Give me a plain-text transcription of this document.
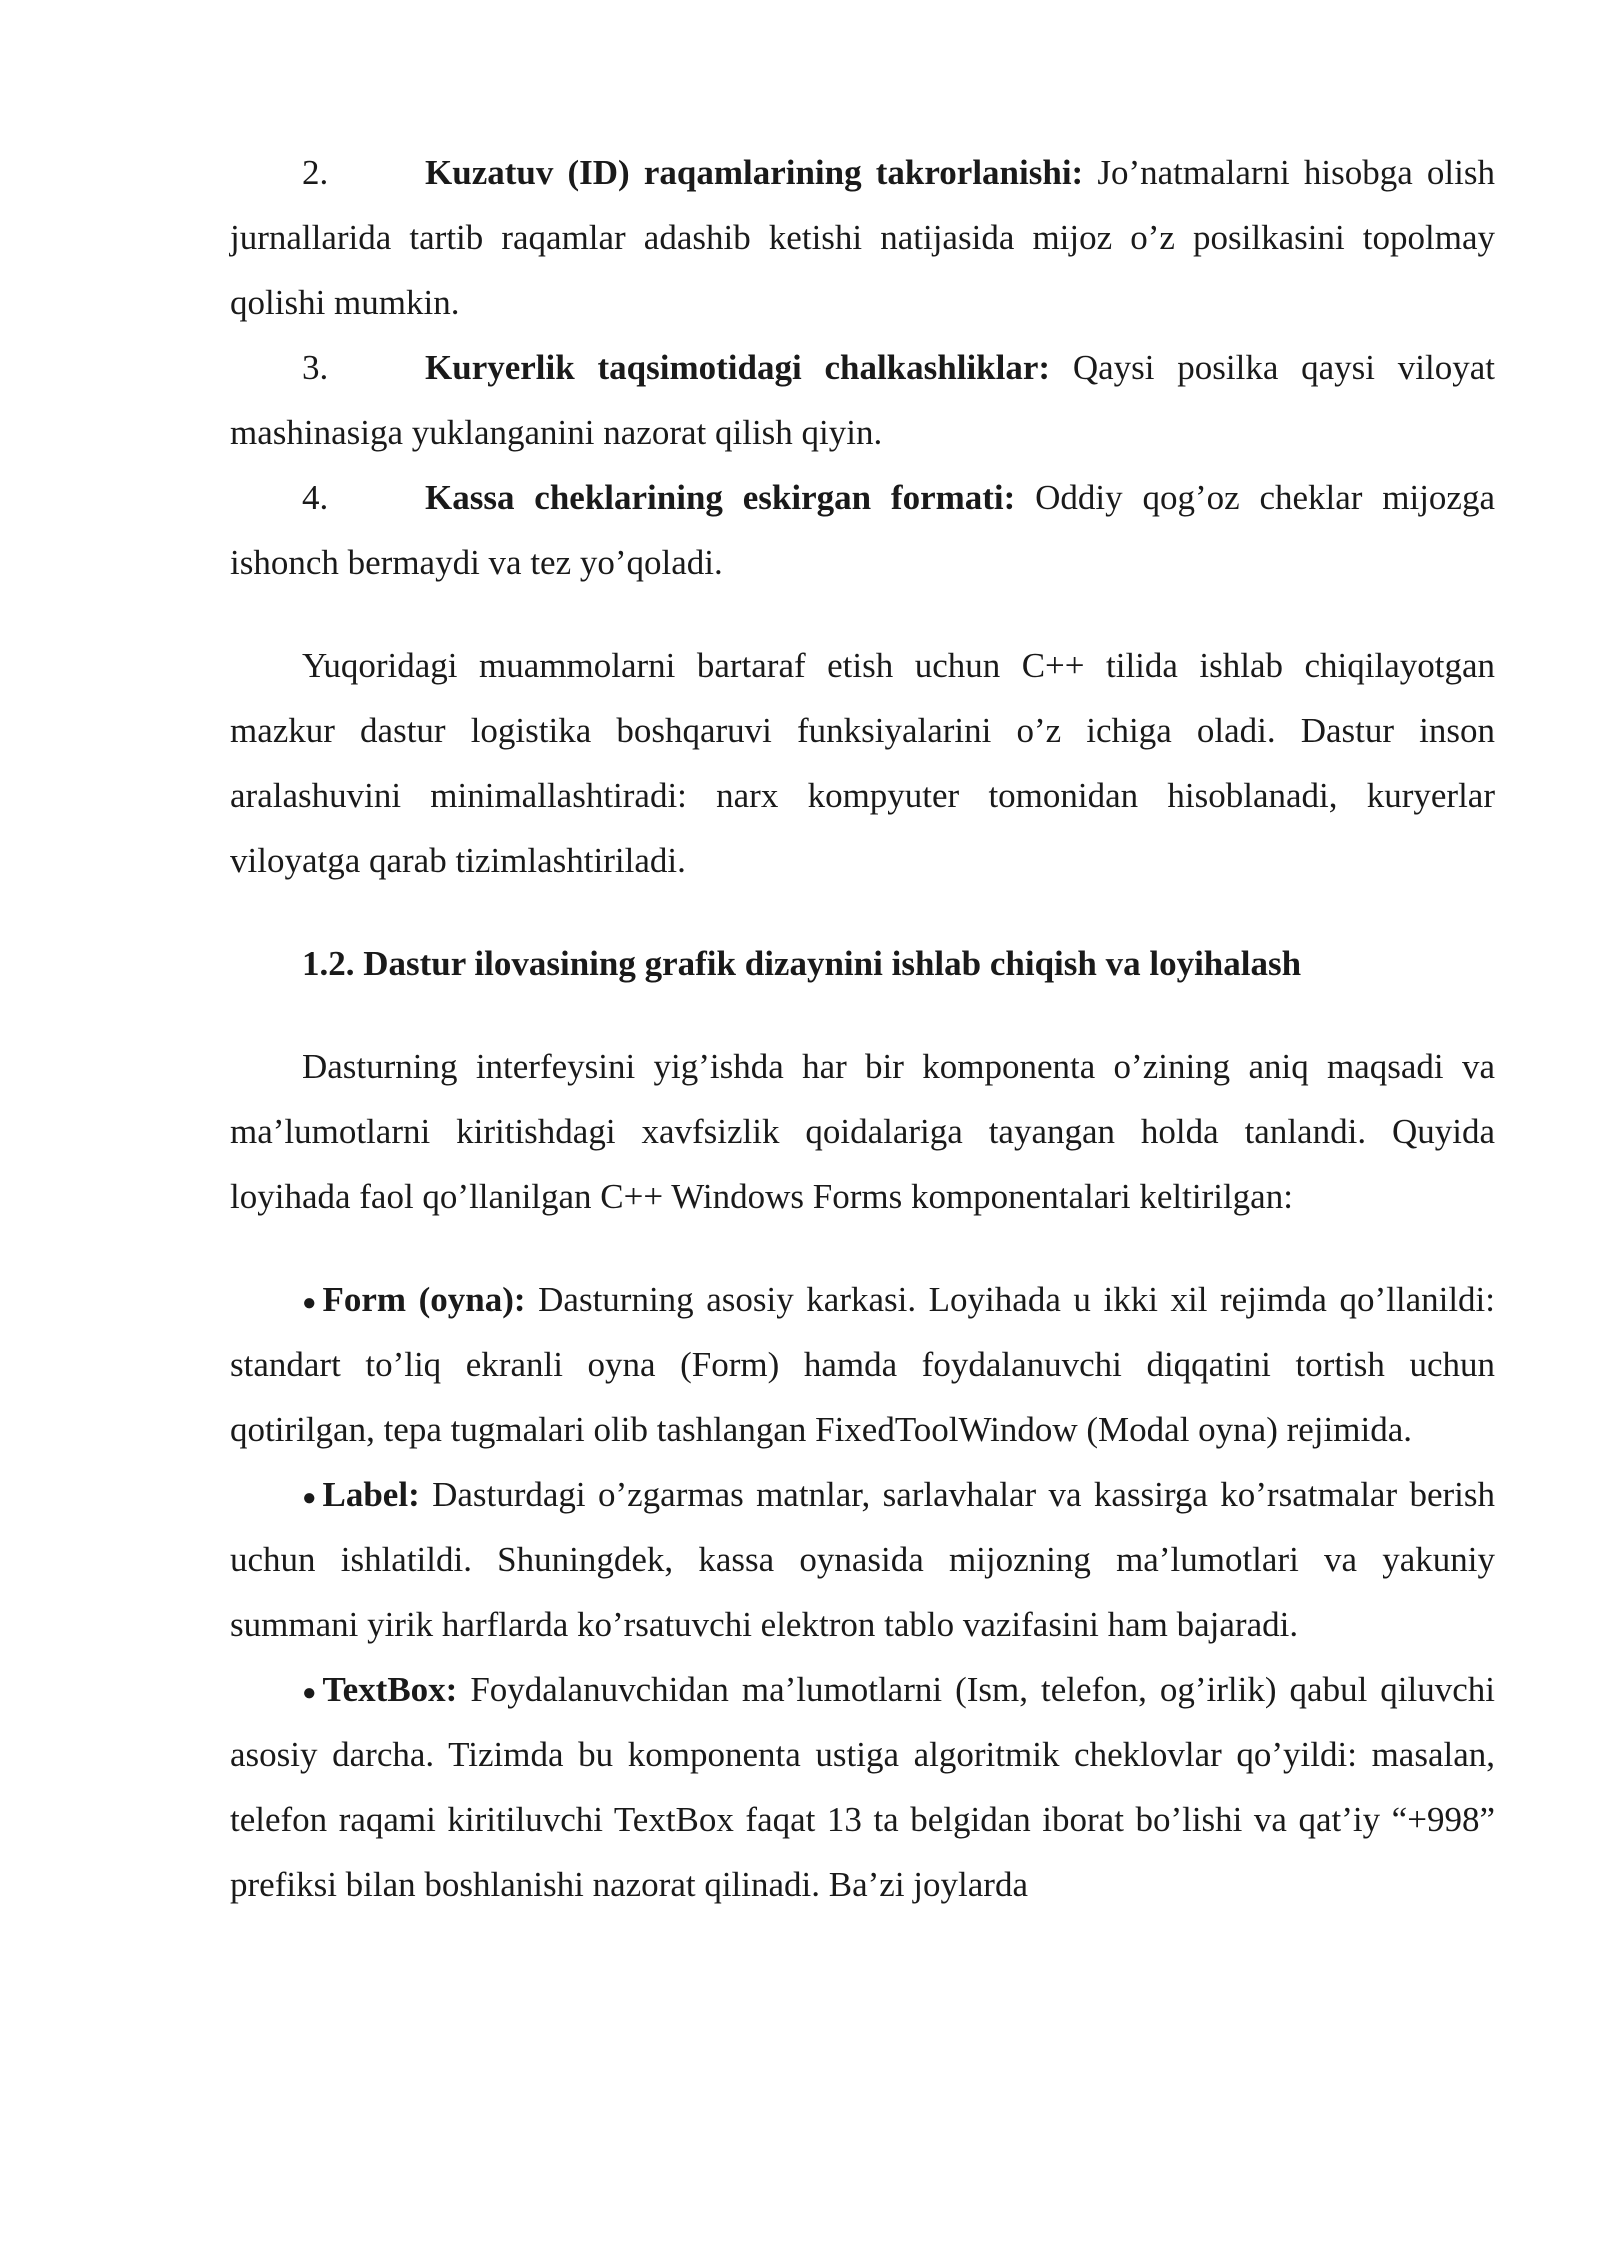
2.	Kuzatuv (ID) raqamlarining takrorlanishi: Jo’natmalarni hisobga olish jurnallarida tartib raqamlar adashib ketishi natijasida mijoz o’z posilkasini topolmay qolishi mumkin.

3.	Kuryerlik taqsimotidagi chalkashliklar: Qaysi posilka qaysi viloyat mashinasiga yuklanganini nazorat qilish qiyin.

4.	Kassa cheklarining eskirgan formati: Oddiy qog’oz cheklar mijozga ishonch bermaydi va tez yo’qoladi.

Yuqoridagi muammolarni bartaraf etish uchun C++ tilida ishlab chiqilayotgan mazkur dastur logistika boshqaruvi funksiyalarini o’z ichiga oladi. Dastur inson aralashuvini minimallashtiradi: narx kompyuter tomonidan hisoblanadi, kuryerlar viloyatga qarab tizimlashtiriladi.

1.2. Dastur ilovasining grafik dizaynini ishlab chiqish va loyihalash

Dasturning interfeysini yig’ishda har bir komponenta o’zining aniq maqsadi va ma’lumotlarni kiritishdagi xavfsizlik qoidalariga tayangan holda tanlandi. Quyida loyihada faol qo’llanilgan C++ Windows Forms komponentalari keltirilgan:

● Form (oyna): Dasturning asosiy karkasi. Loyihada u ikki xil rejimda qo’llanildi: standart to’liq ekranli oyna (Form) hamda foydalanuvchi diqqatini tortish uchun qotirilgan, tepa tugmalari olib tashlangan FixedToolWindow (Modal oyna) rejimida.

● Label: Dasturdagi o’zgarmas matnlar, sarlavhalar va kassirga ko’rsatmalar berish uchun ishlatildi. Shuningdek, kassa oynasida mijozning ma’lumotlari va yakuniy summani yirik harflarda ko’rsatuvchi elektron tablo vazifasini ham bajaradi.

● TextBox: Foydalanuvchidan ma’lumotlarni (Ism, telefon, og’irlik) qabul qiluvchi asosiy darcha. Tizimda bu komponenta ustiga algoritmik cheklovlar qo’yildi: masalan, telefon raqami kiritiluvchi TextBox faqat 13 ta belgidan iborat bo’lishi va qat’iy “+998” prefiksi bilan boshlanishi nazorat qilinadi. Ba’zi joylarda
